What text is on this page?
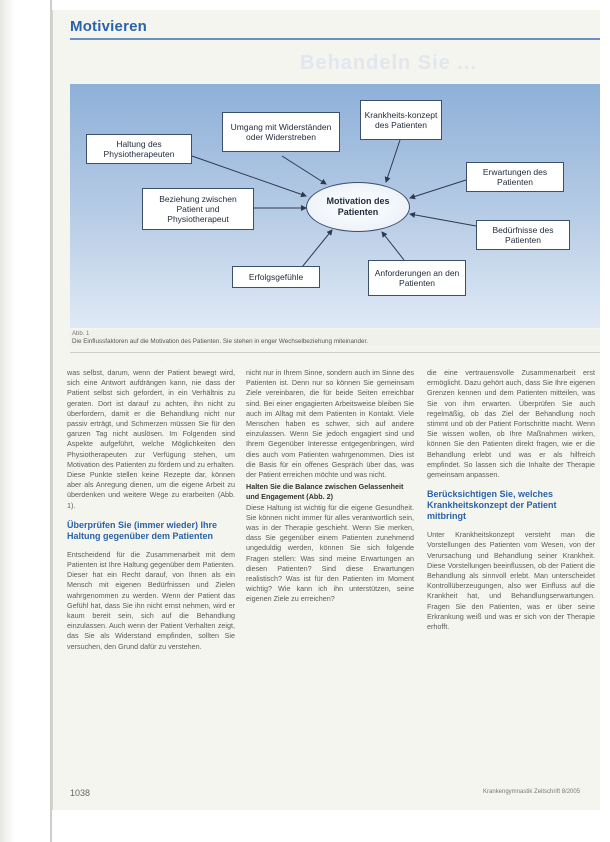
Motivieren
Behandeln Sie ...
Haltung des Physiotherapeuten
Umgang mit Widerständen oder Widerstreben
Krankheits-konzept des Patienten
Beziehung zwischen Patient und Physiotherapeut
Motivation des Patienten
Erwartungen des Patienten
Bedürfnisse des Patienten
Erfolgsgefühle	Anforderungen an den Patienten
Abb. 1
Die Einflussfaktoren auf die Motivation des Patienten. Sie stehen in enger Wechselbeziehung miteinander.
·

was selbst, darum, wenn der Patient bewegt wird, sich eine Antwort aufdrängen kann, nie dass der Patient selbst sich gefordert, in ein Verhältnis zu geraten. Dort ist darauf zu achten, ihn nicht zu überfordern, damit er die Behandlung nicht nur passiv erträgt, und Schmerzen müssen Sie für den ganzen Tag nicht auslösen. Im Folgenden sind Aspekte aufgeführt, welche Möglichkeiten den Physiotherapeuten zur Verfügung stehen, um Motivation des Patienten zu fördern und zu erhalten. Diese Punkte stellen keine Rezepte dar, können aber als Anregung dienen, um die eigene Arbeit zu überdenken und weitere Wege zu erarbeiten (Abb. 1).

Überprüfen Sie (immer wieder) Ihre Haltung gegenüber dem Patienten

Entscheidend für die Zusammenarbeit mit dem Patienten ist Ihre Haltung gegenüber dem Patienten. Dieser hat ein Recht darauf, von Ihnen als ein Mensch mit eigenen Bedürfnissen und Zielen wahrgenommen zu werden. Wenn der Patient das Gefühl hat, dass Sie ihn nicht ernst nehmen, wird er kaum bereit sein, sich auf die Behandlung einzulassen. Auch wenn der Patient Verhalten zeigt, das Sie als Widerstand empfinden, sollten Sie versuchen, den Grund dafür zu verstehen.

nicht nur in Ihrem Sinne, sondern auch im Sinne des Patienten ist. Denn nur so können Sie gemeinsam Ziele vereinbaren, die für beide Seiten erreichbar sind. Bei einer engagierten Arbeitsweise bleiben Sie auch im Alltag mit dem Patienten in Kontakt. Viele Menschen haben es schwer, sich auf andere einzulassen. Wenn Sie jedoch engagiert sind und Ihrem Gegenüber Interesse entgegenbringen, wird dies auch vom Patienten wahrgenommen. Dies ist die Basis für ein offenes Gespräch über das, was der Patient erreichen möchte und was nicht.

Halten Sie die Balance zwischen Gelassenheit und Engagement (Abb. 2)

Diese Haltung ist wichtig für die eigene Gesundheit. Sie können nicht immer für alles verantwortlich sein, was in der Therapie geschieht. Wenn Sie merken, dass Sie gegenüber einem Patienten zunehmend ungeduldig werden, können Sie sich folgende Fragen stellen: Was sind meine Erwartungen an diesen Patienten? Sind diese Erwartungen realistisch? Was ist für den Patienten im Moment wichtig? Wie kann ich ihn unterstützen, seine eigenen Ziele zu erreichen?

die eine vertrauensvolle Zusammenarbeit erst ermöglicht. Dazu gehört auch, dass Sie Ihre eigenen Grenzen kennen und dem Patienten mitteilen, was Sie von ihm erwarten. Überprüfen Sie auch regelmäßig, ob das Ziel der Behandlung noch stimmt und ob der Patient Fortschritte macht. Wenn Sie wissen wollen, ob Ihre Maßnahmen wirken, können Sie den Patienten direkt fragen, wie er die Behandlung erlebt und was er als hilfreich empfindet. So lassen sich die Inhalte der Therapie gemeinsam anpassen.

Berücksichtigen Sie, welches Krankheitskonzept der Patient mitbringt

Unter Krankheitskonzept versteht man die Vorstellungen des Patienten vom Wesen, von der Verursachung und Behandlung seiner Krankheit. Diese Vorstellungen beeinflussen, ob der Patient die Behandlung als sinnvoll erlebt. Man unterscheidet Kontrollüberzeugungen, also wer Einfluss auf die Krankheit hat, und Behandlungserwartungen. Fragen Sie den Patienten, was er über seine Erkrankung weiß und was er sich von der Therapie erhofft.

1038	Krankengymnastik Zeitschrift 8/2005
